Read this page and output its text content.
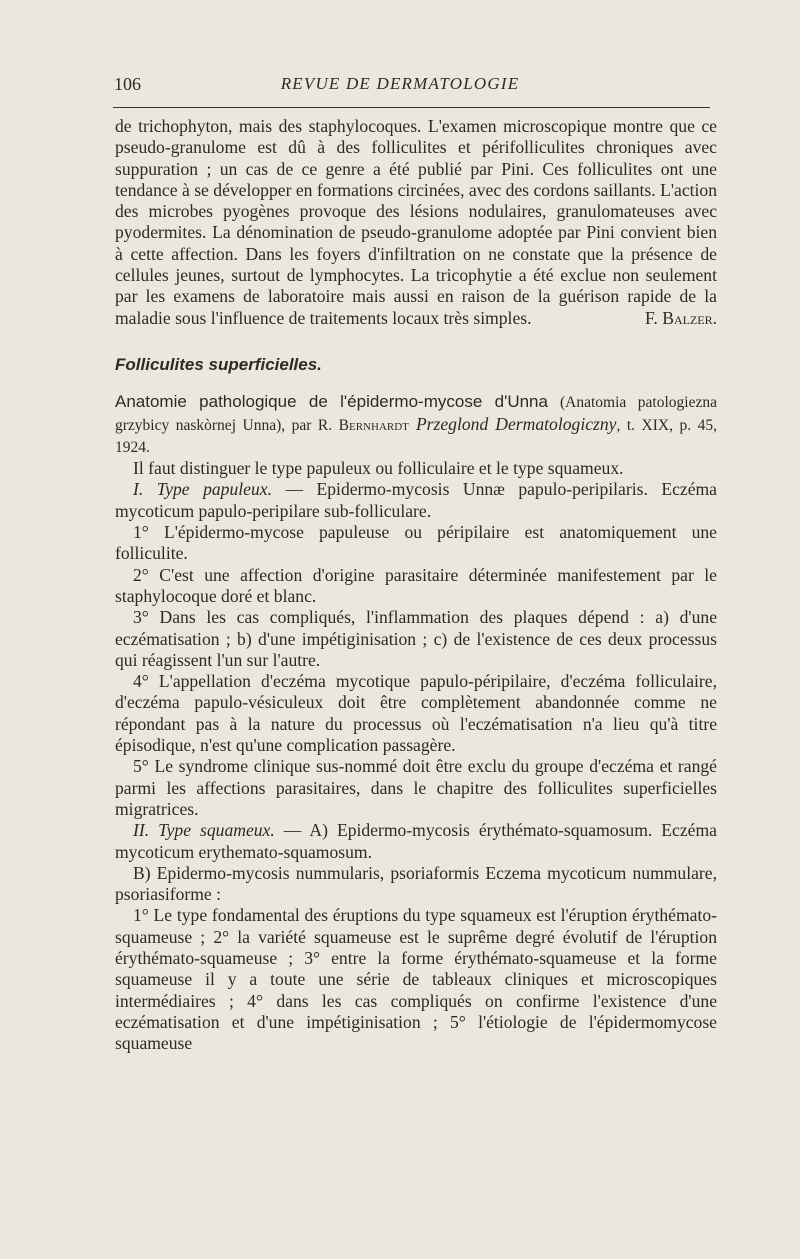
106	REVUE DE DERMATOLOGIE

de trichophyton, mais des staphylocoques. L'examen microscopique montre que ce pseudo-granulome est dû à des folliculites et périfolliculites chroniques avec suppuration ; un cas de ce genre a été publié par Pini. Ces folliculites ont une tendance à se développer en formations circinées, avec des cordons saillants. L'action des microbes pyogènes provoque des lésions nodulaires, granulomateuses avec pyodermites. La dénomination de pseudo-granulome adoptée par Pini convient bien à cette affection. Dans les foyers d'infiltration on ne constate que la présence de cellules jeunes, surtout de lymphocytes. La tricophytie a été exclue non seulement par les examens de laboratoire mais aussi en raison de la guérison rapide de la maladie sous l'influence de traitements locaux très simples.	F. Balzer.

Folliculites superficielles.

Anatomie pathologique de l'épidermo-mycose d'Unna (Anatomia patologiezna grzybicy naskòrnej Unna), par R. Bernhardt Przeglond Dermatologiczny, t. XIX, p. 45, 1924.

Il faut distinguer le type papuleux ou folliculaire et le type squameux.

I. Type papuleux. — Epidermo-mycosis Unnæ papulo-peripilaris. Eczéma mycoticum papulo-peripilare sub-folliculare.

1° L'épidermo-mycose papuleuse ou péripilaire est anatomiquement une folliculite.

2° C'est une affection d'origine parasitaire déterminée manifestement par le staphylocoque doré et blanc.

3° Dans les cas compliqués, l'inflammation des plaques dépend : a) d'une eczématisation ; b) d'une impétiginisation ; c) de l'existence de ces deux processus qui réagissent l'un sur l'autre.

4° L'appellation d'eczéma mycotique papulo-péripilaire, d'eczéma folliculaire, d'eczéma papulo-vésiculeux doit être complètement abandonnée comme ne répondant pas à la nature du processus où l'eczématisation n'a lieu qu'à titre épisodique, n'est qu'une complication passagère.

5° Le syndrome clinique sus-nommé doit être exclu du groupe d'eczéma et rangé parmi les affections parasitaires, dans le chapitre des folliculites superficielles migratrices.

II. Type squameux. — A) Epidermo-mycosis érythémato-squamosum. Eczéma mycoticum erythemato-squamosum.

B) Epidermo-mycosis nummularis, psoriaformis Eczema mycoticum nummulare, psoriasiforme :

1° Le type fondamental des éruptions du type squameux est l'éruption érythémato-squameuse ; 2° la variété squameuse est le suprême degré évolutif de l'éruption érythémato-squameuse ; 3° entre la forme érythémato-squameuse et la forme squameuse il y a toute une série de tableaux cliniques et microscopiques intermédiaires ; 4° dans les cas compliqués on confirme l'existence d'une eczématisation et d'une impétiginisation ; 5° l'étiologie de l'épidermomycose squameuse
